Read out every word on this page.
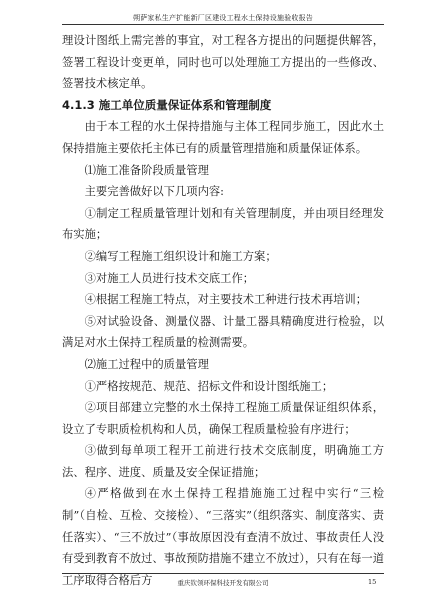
朔萨家私生产扩能新厂区建设工程水土保持设施验收报告

理设计图纸上需完善的事宜，对工程各方提出的问题提供解答，签署工程设计变更单，同时也可以处理施工方提出的一些修改、签署技术核定单。

4.1.3 施工单位质量保证体系和管理制度

由于本工程的水土保持措施与主体工程同步施工，因此水土保持措施主要依托主体已有的质量管理措施和质量保证体系。

⑴施工准备阶段质量管理

主要完善做好以下几项内容:

①制定工程质量管理计划和有关管理制度，并由项目经理发布实施；

②编写工程施工组织设计和施工方案；

③对施工人员进行技术交底工作；

④根据工程施工特点，对主要技术工种进行技术再培训；

⑤对试验设备、测量仪器、计量工器具精确度进行检验，以满足对水土保持工程质量的检测需要。

⑵施工过程中的质量管理

①严格按规范、规范、招标文件和设计图纸施工；

②项目部建立完整的水土保持工程施工质量保证组织体系，设立了专职质检机构和人员，确保工程质量检验有序进行；

③做到每单项工程开工前进行技术交底制度，明确施工方法、程序、进度、质量及安全保证措施；

④严格做到在水土保持工程措施施工过程中实行“三检制”（自检、互检、交接检）、“三落实”（组织落实、制度落实、责任落实）、“三不放过”（事故原因没有查清不放过、事故责任人没有受到教育不放过、事故预防措施不建立不放过），只有在每一道工序取得合格后方	重庆钦领环保科技开发有限公司	15
